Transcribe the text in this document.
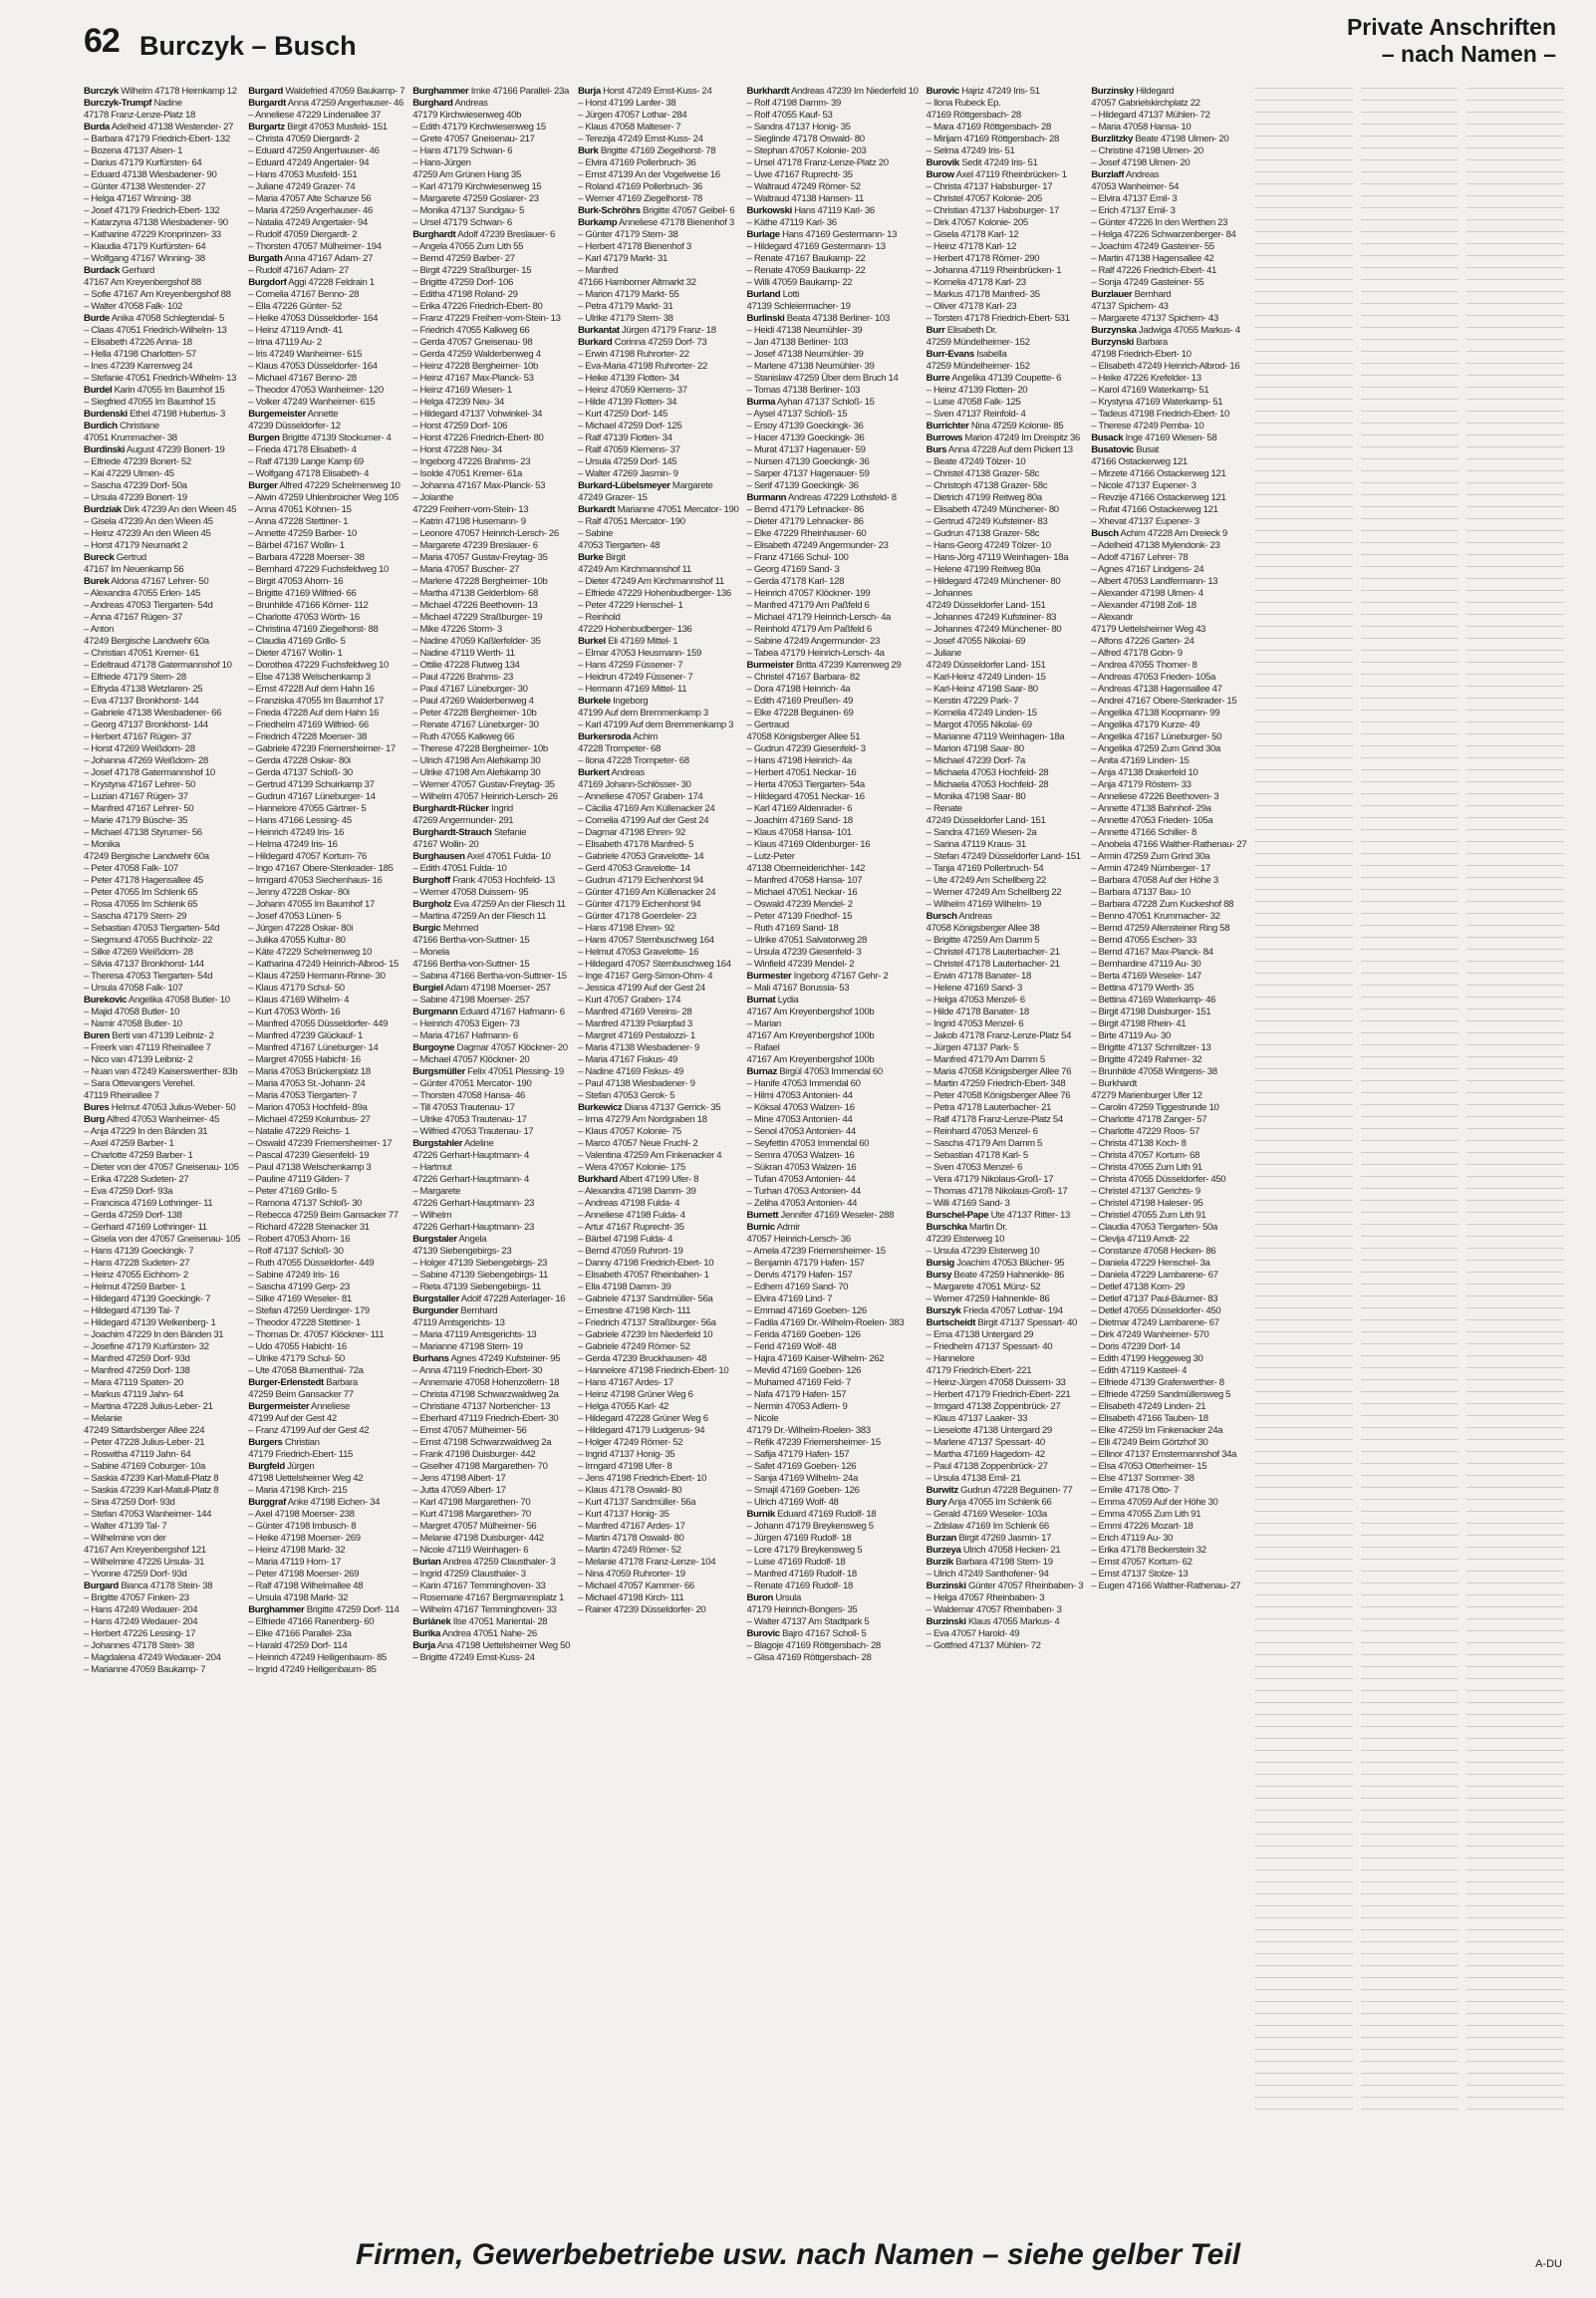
62 Burczyk – Busch
Private Anschriften
– nach Namen –
Burczyk Wilhelm 47178 Heimkamp 12
Burczyk-Trumpf Nadine
47178 Franz-Lenze-Platz 18
Burda Adelheid 47138 Westender- 27
– Barbara 47179 Friedrich-Ebert- 132
– Bozena 47137 Alsen- 1
– Darius 47179 Kurfürsten- 64
– Eduard 47138 Wiesbadener- 90
– Günter 47138 Westender- 27
– Helga 47167 Winning- 38
– Josef 47179 Friedrich-Ebert- 132
– Katarzyna 47138 Wiesbadener- 90
– Katharine 47229 Kronprinzen- 33
– Klaudia 47179 Kurfürsten- 64
– Wolfgang 47167 Winning- 38
Burdack Gerhard
47167 Am Kreyenbergshof 88
– Sofie 47167 Am Kreyenbergshof 88
– Walter 47058 Falk- 102
Burde Anika 47058 Schlegtendal- 5
– Claas 47051 Friedrich-Wilhelm- 13
– Elisabeth 47226 Anna- 18
– Hella 47198 Charlotten- 57
– Ines 47239 Karrenweg 24
– Stefanie 47051 Friedrich-Wilhelm- 13
Burdel Karin 47055 Im Baumhof 15
– Siegfried 47055 Im Baumhof 15
Burdenski Ethel 47198 Hubertus- 3
Burdich Christiane
47051 Krummacher- 38
Burdinski August 47239 Bonert- 19
– Elfriede 47239 Bonert- 52
– Kai 47229 Ulmen- 45
– Sascha 47239 Dorf- 50a
– Ursula 47239 Bonert- 19
Burdziak Dirk 47239 An den Wieen 45
– Gisela 47239 An den Wieen 45
– Heinz 47239 An den Wieen 45
– Horst 47179 Neumarkt 2
Bureck Gertrud
47167 Im Neuenkamp 56
Burek Aldona 47167 Lehrer- 50
– Alexandra 47055 Erlen- 145
– Andreas 47053 Tiergarten- 54d
– Anna 47167 Rügen- 37
– Anton
47249 Bergische Landwehr 60a
– Christian 47051 Kremer- 61
– Edeltraud 47178 Gatermannshof 10
– Elfriede 47179 Stern- 28
– Elfryda 47138 Wetzlaren- 25
– Eva 47137 Bronkhorst- 144
– Gabriele 47138 Wiesbadener- 66
– Georg 47137 Bronkhorst- 144
– Herbert 47167 Rügen- 37
– Horst 47269 Weißdorn- 28
– Johanna 47269 Weißdorn- 28
– Josef 47178 Gatermannshof 10
– Krystyna 47167 Lehrer- 50
– Luzian 47167 Rügen- 37
– Manfred 47167 Lehrer- 50
– Marie 47179 Büsche- 35
– Michael 47138 Styrumer- 56
– Monika
47249 Bergische Landwehr 60a
– Peter 47058 Falk- 107
– Peter 47178 Hagensallee 45
– Peter 47055 Im Schlenk 65
– Rosa 47055 Im Schlenk 65
– Sascha 47179 Stern- 29
– Sebastian 47053 Tiergarten- 54d
– Siegmund 47055 Buchholz- 22
– Silke 47269 Weißdorn- 28
– Silvia 47137 Bronkhorst- 144
– Theresa 47053 Tiergarten- 54d
– Ursula 47058 Falk- 107
Burekovic Angelika 47058 Butler- 10
– Majid 47058 Butler- 10
– Namir 47058 Butler- 10
Buren Berti van 47139 Leibniz- 2
– Freerk van 47119 Rheinallee 7
– Nico van 47139 Leibniz- 2
– Nuan van 47249 Kaiserswerther- 83b
– Sara Ottevangers Verehel.
47119 Rheinallee 7
Bures Helmut 47053 Julius-Weber- 50
Burg Alfred 47053 Wanheimer- 45
– Anja 47229 In den Bänden 31
– Axel 47259 Barber- 1
– Charlotte 47259 Barber- 1
– Dieter von der 47057 Gneisenau- 105
– Erika 47228 Sudeten- 27
– Eva 47259 Dorf- 93a
– Francisca 47169 Lothringer- 11
– Gerda 47259 Dorf- 138
– Gerhard 47169 Lothringer- 11
– Gisela von der 47057 Gneisenau- 105
– Hans 47139 Goeckingk- 7
– Hans 47228 Sudeten- 27
– Heinz 47055 Eichhorn- 2
– Helmut 47259 Barber- 1
– Hildegard 47139 Goeckingk- 7
– Hildegard 47139 Tal- 7
– Hildegard 47139 Welkenberg- 1
– Joachim 47229 In den Bänden 31
– Josefine 47179 Kurfürsten- 32
– Manfred 47259 Dorf- 93d
– Manfred 47259 Dorf- 138
– Mara 47119 Spaten- 20
– Markus 47119 Jahn- 64
– Martina 47228 Julius-Leber- 21
– Melanie
47249 Sittardsberger Allee 224
– Peter 47228 Julius-Leber- 21
– Roswitha 47119 Jahn- 64
– Sabine 47169 Coburger- 10a
– Saskia 47239 Karl-Matull-Platz 8
– Saskia 47239 Karl-Matull-Platz 8
– Sina 47259 Dorf- 93d
– Stefan 47053 Wanheimer- 144
– Walter 47139 Tal- 7
– Wilhelmine von der
47167 Am Kreyenbergshof 121
– Wilhelmine 47226 Ursula- 31
– Yvonne 47259 Dorf- 93d
Burgard Bianca 47178 Stein- 38
– Brigitte 47057 Finken- 23
– Hans 47249 Wedauer- 204
– Hans 47249 Wedauer- 204
– Herbert 47226 Lessing- 17
– Johannes 47178 Stein- 38
– Magdalena 47249 Wedauer- 204
– Marianne 47059 Baukamp- 7
Burgard Waldefried 47059 Baukamp- 7
Burgardt Anna 47259 Angerhauser- 46
– Anneliese 47229 Lindenallee 37
Burgartz Birgit 47053 Musfeld- 151
– Christa 47059 Diergardt- 2
– Eduard 47259 Angerhauser- 46
– Eduard 47249 Angertaler- 94
– Hans 47053 Musfeld- 151
– Juliane 47249 Grazer- 74
– Maria 47057 Alte Schanze 56
– Maria 47259 Angerhauser- 46
– Natalia 47249 Angertaler- 94
– Rudolf 47059 Diergardt- 2
– Thorsten 47057 Mülheimer- 194
Burgath Anna 47167 Adam- 27
– Rudolf 47167 Adam- 27
Burgdorf Aggi 47228 Feldrain 1
– Cornelia 47167 Benno- 28
– Ella 47226 Günter- 52
– Heike 47053 Düsseldorfer- 164
– Heinz 47119 Arndt- 41
– Irina 47119 Au- 2
– Iris 47249 Wanheimer- 615
– Klaus 47053 Düsseldorfer- 164
– Michael 47167 Benno- 28
– Theodor 47053 Wanheimer- 120
– Volker 47249 Wanheimer- 615
Burgemeister Annette
47239 Düsseldorfer- 12
Burgen Brigitte 47139 Stockumer- 4
– Frieda 47178 Elisabeth- 4
– Ralf 47139 Lange Kamp 69
– Wolfgang 47178 Elisabeth- 4
Burger Alfred 47229 Schelmenweg 10
– Alwin 47259 Uhlenbroicher Weg 105
– Anna 47051 Köhnen- 15
– Anna 47228 Stettiner- 1
– Annette 47259 Barber- 10
– Bärbel 47167 Wollin- 1
– Barbara 47228 Moerser- 38
– Bernhard 47229 Fuchsfeldweg 10
– Birgit 47053 Ahorn- 16
– Brigitte 47169 Wilfried- 66
– Brunhilde 47166 Körner- 112
– Charlotte 47053 Wörth- 16
– Christina 47169 Ziegelhorst- 88
– Claudia 47169 Grillo- 5
– Dieter 47167 Wollin- 1
– Dorothea 47229 Fuchsfeldweg 10
– Else 47138 Welschenkamp 3
– Ernst 47228 Auf dem Hahn 16
– Franziska 47055 Im Baumhof 17
– Frieda 47228 Auf dem Hahn 16
– Friedhelm 47169 Wilfried- 66
– Friedrich 47228 Moerser- 38
– Gabriele 47239 Friemersheimer- 17
– Gerda 47228 Oskar- 80i
– Gerda 47137 Schloß- 30
– Gertrud 47139 Schuirkamp 37
– Gudrun 47167 Lüneburger- 14
– Hannelore 47055 Gärtner- 5
– Hans 47166 Lessing- 45
– Heinrich 47249 Iris- 16
– Helma 47249 Iris- 16
– Hildegard 47057 Kortum- 76
– Ingo 47167 Obere-Stenkrader- 185
– Irmgard 47053 Siechenhaus- 16
– Jenny 47228 Oskar- 80i
– Johann 47055 Im Baumhof 17
– Josef 47053 Lünen- 5
– Jürgen 47228 Oskar- 80i
– Julika 47055 Kultur- 80
– Käte 47229 Schelmenweg 10
– Katharina 47249 Heinrich-Albrod- 15
– Klaus 47259 Hermann-Rinne- 30
– Klaus 47179 Schul- 50
– Klaus 47169 Wilhelm- 4
– Kurt 47053 Wörth- 16
– Manfred 47055 Düsseldorfer- 449
– Manfred 47239 Glückauf- 1
– Manfred 47167 Lüneburger- 14
– Margret 47055 Habicht- 16
– Maria 47053 Brückenplatz 18
– Maria 47053 St.-Johann- 24
– Maria 47053 Tiergarten- 7
– Marion 47053 Hochfeld- 89a
– Michael 47259 Kolumbus- 27
– Natalie 47229 Reichs- 1
– Oswald 47239 Friemersheimer- 17
– Pascal 47239 Giesenfeld- 19
– Paul 47138 Welschenkamp 3
– Pauline 47119 Gilden- 7
– Peter 47169 Grillo- 5
– Ramona 47137 Schloß- 30
– Rebecca 47259 Beim Gansacker 77
– Richard 47228 Steinacker 31
– Robert 47053 Ahorn- 16
– Rolf 47137 Schloß- 30
– Ruth 47055 Düsseldorfer- 449
– Sabine 47249 Iris- 16
– Sascha 47199 Gerp- 23
– Silke 47169 Weseler- 81
– Stefan 47259 Uerdinger- 179
– Theodor 47228 Stettiner- 1
– Thomas Dr. 47057 Klöckner- 111
– Udo 47055 Habicht- 16
– Ulrike 47179 Schul- 50
– Ute 47058 Blumenthal- 72a
Burger-Erlenstedt Barbara
47259 Beim Gansacker 77
Burgermeister Anneliese
47199 Auf der Gest 42
– Franz 47199 Auf der Gest 42
Burgers Christian
47179 Friedrich-Ebert- 115
Burgfeld Jürgen
47198 Uettelsheimer Weg 42
– Maria 47198 Kirch- 215
Burggraf Anke 47198 Eichen- 34
– Axel 47198 Moerser- 238
– Günter 47198 Imbusch- 8
– Heike 47198 Moerser- 269
– Heinz 47198 Markt- 32
– Maria 47119 Horn- 17
– Peter 47198 Moerser- 269
– Ralf 47198 Wilhelmallee 48
– Ursula 47198 Markt- 32
Burghammer Brigitte 47259 Dorf- 114
– Elfriede 47166 Ranenberg- 60
– Elke 47166 Parallel- 23a
– Harald 47259 Dorf- 114
– Heinrich 47249 Heiligenbaum- 85
– Ingrid 47249 Heiligenbaum- 85
Burghammer Imke 47166 Parallel- 23a
Burghard Andreas
47179 Kirchwiesenweg 40b
– Edith 47179 Kirchwiesenweg 15
– Grete 47057 Gneisenau- 217
– Hans 47179 Schwan- 6
– Hans-Jürgen
47259 Am Grünen Hang 35
– Karl 47179 Kirchwiesenweg 15
– Margarete 47259 Goslarer- 23
– Monika 47137 Sundgau- 5
– Ursel 47179 Schwan- 6
Burghardt Adolf 47239 Breslauer- 6
– Angela 47055 Zum Lith 55
– Bernd 47259 Barber- 27
– Birgit 47229 Straßburger- 15
– Brigitte 47259 Dorf- 106
– Editha 47198 Roland- 29
– Erika 47226 Friedrich-Ebert- 80
– Franz 47229 Freiherr-vom-Stein- 13
– Friedrich 47055 Kalkweg 66
– Gerda 47057 Gneisenau- 98
– Gerda 47259 Walderbenweg 4
– Heinz 47228 Bergheimer- 10b
– Heinz 47167 Max-Planck- 53
– Heinz 47169 Wiesen- 1
– Helga 47239 Neu- 34
– Hildegard 47137 Vohwinkel- 34
– Horst 47259 Dorf- 106
– Horst 47226 Friedrich-Ebert- 80
– Horst 47228 Neu- 34
– Ingeborg 47226 Brahms- 23
– Isolde 47051 Kremer- 61a
– Johanna 47167 Max-Planck- 53
– Jolanthe
47229 Freiherr-vom-Stein- 13
– Katrin 47198 Husemann- 9
– Leonore 47057 Heinrich-Lersch- 26
– Margarete 47239 Breslauer- 6
– Maria 47057 Gustav-Freytag- 35
– Maria 47057 Buscher- 27
– Marlene 47228 Bergheimer- 10b
– Martha 47138 Gelderblom- 68
– Michael 47226 Beethoven- 13
– Michael 47229 Straßburger- 19
– Mike 47226 Storm- 3
– Nadine 47059 Kaßlerfelder- 35
– Nadine 47119 Werth- 11
– Ottilie 47228 Flutweg 134
– Paul 47226 Brahms- 23
– Paul 47167 Lüneburger- 30
– Paul 47269 Walderbenweg 4
– Peter 47228 Bergheimer- 10b
– Renate 47167 Lüneburger- 30
– Ruth 47055 Kalkweg 66
– Therese 47228 Bergheimer- 10b
– Ulrich 47198 Am Alefskamp 30
– Ulrike 47198 Am Alefskamp 30
– Werner 47057 Gustav-Freytag- 35
– Wilhelm 47057 Heinrich-Lersch- 26
Burghardt-Rücker Ingrid
47269 Angermunder- 291
Burghardt-Strauch Stefanie
47167 Wollin- 20
Burghausen Axel 47051 Fulda- 10
– Edith 47051 Fulda- 10
Burghoff Frank 47053 Hochfeld- 13
– Werner 47058 Duissern- 95
Burgholz Eva 47259 An der Fliesch 11
– Martina 47259 An der Fliesch 11
Burgic Mehmed
47166 Bertha-von-Suttner- 15
– Monela
47166 Bertha-von-Suttner- 15
– Sabina 47166 Bertha-von-Suttner- 15
Burgiel Adam 47198 Moerser- 257
– Sabine 47198 Moerser- 257
Burgmann Eduard 47167 Hafmann- 6
– Heinrich 47053 Eigen- 73
– Maria 47167 Hafmann- 6
Burgoyne Dagmar 47057 Klöckner- 20
– Michael 47057 Klöckner- 20
Burgsmüller Felix 47051 Plessing- 19
– Günter 47051 Mercator- 190
– Thorsten 47058 Hansa- 46
– Till 47053 Trautenau- 17
– Ulrike 47053 Trautenau- 17
– Wilfried 47053 Trautenau- 17
Burgstahler Adeline
47226 Gerhart-Hauptmann- 4
– Hartmut
47226 Gerhart-Hauptmann- 4
– Margarete
47226 Gerhart-Hauptmann- 23
– Wilhelm
47226 Gerhart-Hauptmann- 23
Burgstaler Angela
47139 Siebengebirgs- 23
– Holger 47139 Siebengebirgs- 23
– Sabine 47139 Siebengebirgs- 11
– Rieta 47139 Siebengebirgs- 11
Burgstaller Adolf 47228 Asterlager- 16
Burgunder Bernhard
47119 Amtsgerichts- 13
– Maria 47119 Amtsgerichts- 13
– Marianne 47198 Stern- 19
Burhans Agnes 47249 Kufsteiner- 95
– Anna 47119 Friedrich-Ebert- 30
– Annemarie 47058 Hohenzollern- 18
– Christa 47198 Schwarzwaldweg 2a
– Christiane 47137 Norbericher- 13
– Eberhard 47119 Friedrich-Ebert- 30
– Ernst 47057 Mülheimer- 56
– Ernst 47198 Schwarzwaldweg 2a
– Frank 47198 Duisburger- 442
– Giselher 47198 Margarethen- 70
– Jens 47198 Albert- 17
– Jutta 47059 Albert- 17
– Karl 47198 Margarethen- 70
– Kurt 47198 Margarethen- 70
– Margret 47057 Mülheimer- 56
– Melanie 47198 Duisburger- 442
– Nicole 47119 Weinhagen- 6
Burian Andrea 47259 Clausthaler- 3
– Ingrid 47259 Clausthaler- 3
– Karin 47167 Temminghoven- 33
– Rosemarie 47167 Bergmannsplatz 1
– Wilhelm 47167 Temminghoven- 33
Buriánek Ilse 47051 Mariental- 28
Burika Andrea 47051 Nahe- 26
Burja Ana 47198 Uettelsheimer Weg 50
– Brigitte 47249 Ernst-Kuss- 24
Burja Horst 47249 Ernst-Kuss- 24
– Horst 47199 Lanfer- 38
– Jürgen 47057 Lothar- 284
– Klaus 47058 Malteser- 7
– Terezija 47249 Ernst-Kuss- 24
Burk Brigitte 47169 Ziegelhorst- 78
– Elvira 47169 Pollerbruch- 36
– Ernst 47139 An der Vogelweise 16
– Roland 47169 Pollerbruch- 36
– Werner 47169 Ziegelhorst- 78
Burk-Schröhrs Brigitte 47057 Geibel- 6
Burkamp Anneliese 47178 Bienenhof 3
– Günter 47179 Stern- 38
– Herbert 47178 Bienenhof 3
– Karl 47179 Markt- 31
– Manfred
47166 Hamborner Altmarkt 32
– Marion 47179 Markt- 55
– Petra 47179 Markt- 31
– Ulrike 47179 Stern- 38
Burkantat Jürgen 47179 Franz- 18
Burkard Corinna 47259 Dorf- 73
– Erwin 47198 Ruhrorter- 22
– Eva-Maria 47198 Ruhrorter- 22
– Heike 47139 Flotten- 34
– Heinz 47059 Klemens- 37
– Hilde 47139 Flotten- 34
– Kurt 47259 Dorf- 145
– Michael 47259 Dorf- 125
– Ralf 47139 Flotten- 34
– Ralf 47059 Klemens- 37
– Ursula 47259 Dorf- 145
– Walter 47269 Jasmin- 9
Burkard-Lübelsmeyer Margarete
47249 Grazer- 15
Burkardt Marianne 47051 Mercator- 190
– Ralf 47051 Mercator- 190
– Sabine
47053 Tiergarten- 48
Burke Birgit
47249 Am Kirchmannshof 11
– Dieter 47249 Am Kirchmannshof 11
– Elfriede 47229 Hohenbudberger- 136
– Peter 47229 Henschel- 1
– Reinhold
47229 Hohenbudberger- 136
Burkel Eli 47169 Mittel- 1
– Elmar 47053 Heusmann- 159
– Hans 47259 Füssener- 7
– Heidrun 47249 Füssener- 7
– Hermann 47169 Mittel- 11
Burkele Ingeborg
47199 Auf dem Bremmenkamp 3
– Karl 47199 Auf dem Bremmenkamp 3
Burkersroda Achim
47228 Trompeter- 68
– Ilona 47228 Trompeter- 68
Burkert Andreas
47169 Johann-Schlösser- 30
– Anneliese 47057 Graben- 174
– Cäcilia 47169 Am Küllenacker 24
– Cornelia 47199 Auf der Gest 24
– Dagmar 47198 Ehren- 92
– Elisabeth 47178 Manfred- 5
– Gabriele 47053 Gravelotte- 14
– Gerd 47053 Gravelotte- 14
– Gudrun 47179 Eichenhorst 94
– Günter 47169 Am Küllenacker 24
– Günter 47179 Eichenhorst 94
– Günter 47178 Goerdeler- 23
– Hans 47198 Ehren- 92
– Hans 47057 Sternbuschweg 164
– Helmut 47053 Gravelotte- 16
– Hildegard 47057 Sternbuschweg 164
– Inge 47167 Gerg-Simon-Ohm- 4
– Jessica 47199 Auf der Gest 24
– Kurt 47057 Graben- 174
– Manfred 47169 Vereins- 28
– Manfred 47139 Polarpfad 3
– Margret 47169 Pestalozzi- 1
– Maria 47138 Wiesbadener- 9
– Maria 47167 Fiskus- 49
– Nadine 47169 Fiskus- 49
– Paul 47138 Wiesbadener- 9
– Stefan 47053 Gerok- 5
Burkewicz Diana 47137 Gerrick- 35
– Irma 47279 Am Nordgraben 18
– Klaus 47057 Kolonie- 75
– Marco 47057 Neue Fruchl- 2
– Valentina 47259 Am Finkenacker 4
– Wera 47057 Kolonie- 175
Burkhard Albert 47199 Ufer- 8
– Alexandra 47198 Damm- 39
– Andreas 47198 Fulda- 4
– Anneliese 47198 Fulda- 4
– Artur 47167 Ruprecht- 35
– Bärbel 47198 Fulda- 4
– Bernd 47059 Ruhrort- 19
– Danny 47198 Friedrich-Ebert- 10
– Elisabeth 47057 Rheinbahen- 1
– Ella 47198 Damm- 39
– Gabriele 47137 Sandmüller- 56a
– Ernestine 47198 Kirch- 111
– Friedrich 47137 Straßburger- 56a
– Gabriele 47239 Im Niederfeld 10
– Gabriele 47249 Römer- 52
– Gerda 47239 Bruckhausen- 48
– Hannelore 47198 Friedrich-Ebert- 10
– Hans 47167 Ardes- 17
– Heinz 47198 Grüner Weg 6
– Helga 47055 Karl- 42
– Hildegard 47228 Grüner Weg 6
– Hildegard 47179 Ludgerus- 94
– Holger 47249 Römer- 52
– Ingrid 47137 Honig- 35
– Irmgard 47198 Ufer- 8
– Jens 47198 Friedrich-Ebert- 10
– Klaus 47178 Oswald- 80
– Kurt 47137 Sandmüller- 56a
– Kurt 47137 Honig- 35
– Manfred 47167 Ardes- 17
– Martin 47178 Oswald- 80
– Martin 47249 Römer- 52
– Melanie 47178 Franz-Lenze- 104
– Nina 47059 Ruhrorter- 19
– Michael 47057 Kammer- 66
– Michael 47198 Kirch- 111
– Rainer 47239 Düsseldorfer- 20
Burkhardt Andreas 47239 Im Niederfeld 10
– Rolf 47198 Damm- 39
– Rolf 47055 Kauf- 53
– Sandra 47137 Honig- 35
– Sieglinde 47178 Oswald- 80
– Stephan 47057 Kolonie- 203
– Ursel 47178 Franz-Lenze-Platz 20
– Uwe 47167 Ruprecht- 35
– Waltraud 47249 Römer- 52
– Waltraud 47138 Hansen- 11
Burkowski Hans 47119 Karl- 36
– Käthe 47119 Karl- 36
Burlage Hans 47169 Gestermann- 13
– Hildegard 47169 Gestermann- 13
– Renate 47167 Baukamp- 22
– Renate 47059 Baukamp- 22
– Willi 47059 Baukamp- 22
Burland Lotti
47139 Schleiermacher- 19
Burlinski Beata 47138 Berliner- 103
– Heidi 47138 Neumühler- 39
– Jan 47138 Berliner- 103
– Josef 47138 Neumühler- 39
– Marlene 47138 Neumühler- 39
– Stanislaw 47259 Über dem Bruch 14
– Tomas 47138 Berliner- 103
Burma Ayhan 47137 Schloß- 15
– Aysel 47137 Schloß- 15
– Ersoy 47139 Goeckingk- 36
– Hacer 47139 Goeckingk- 36
– Murat 47137 Hagenauer- 59
– Nursen 47139 Goeckingk- 36
– Sarper 47137 Hagenauer- 59
– Serif 47139 Goeckingk- 36
Burmann Andreas 47229 Lothsfeld- 8
– Bernd 47179 Lehnacker- 86
– Dieter 47179 Lehnacker- 86
– Elke 47229 Rheinhauser- 60
– Elisabeth 47249 Angermunder- 23
– Franz 47166 Schul- 100
– Georg 47169 Sand- 3
– Gerda 47178 Karl- 128
– Heinrich 47057 Klöckner- 199
– Manfred 47179 Am Paßfeld 6
– Michael 47179 Heinrich-Lersch- 4a
– Reinhold 47179 Am Paßfeld 6
– Sabine 47249 Angermunder- 23
– Tabea 47179 Heinrich-Lersch- 4a
Burmeister Britta 47239 Karrenweg 29
– Christel 47167 Barbara- 82
– Dora 47198 Heinrich- 4a
– Edith 47169 Preußen- 49
– Elke 47228 Beguinen- 69
– Gertraud
47058 Königsberger Allee 51
– Gudrun 47239 Giesenfeld- 3
– Hans 47198 Heinrich- 4a
– Herbert 47051 Neckar- 16
– Herta 47053 Tiergarten- 54a
– Hildegard 47051 Neckar- 16
– Karl 47169 Aldenrader- 6
– Joachim 47169 Sand- 18
– Klaus 47058 Hansa- 101
– Klaus 47169 Oldenburger- 16
– Lutz-Peter
47138 Obermeiderichher- 142
– Manfred 47058 Hansa- 107
– Michael 47051 Neckar- 16
– Oswald 47239 Mendel- 2
– Peter 47139 Friedhof- 15
– Ruth 47169 Sand- 18
– Ulrike 47051 Salvatorweg 28
– Ursula 47239 Giesenfeld- 3
– Winfield 47239 Mendel- 2
Burmester Ingeborg 47167 Gehr- 2
– Mali 47167 Borussia- 53
Burnat Lydia
47167 Am Kreyenbergshof 100b
– Marian
47167 Am Kreyenbergshof 100b
– Rafael
47167 Am Kreyenbergshof 100b
Burnaz Birgül 47053 Immendal 60
– Hanife 47053 Immendal 60
– Hilmi 47053 Antonien- 44
– Köksal 47053 Walzen- 16
– Mine 47053 Antonien- 44
– Senol 47053 Antonien- 44
– Seyfettin 47053 Immendal 60
– Semra 47053 Walzen- 16
– Sükran 47053 Walzen- 16
– Tufan 47053 Antonien- 44
– Turhan 47053 Antonien- 44
– Zeliha 47053 Antonien- 44
Burnett Jennifer 47169 Weseler- 288
Burnic Admir
47057 Heinrich-Lersch- 36
– Amela 47239 Friemersheimer- 15
– Benjamin 47179 Hafen- 157
– Dervis 47179 Hafen- 157
– Edhem 47169 Sand- 70
– Elvira 47169 Lind- 7
– Emmad 47169 Goeben- 126
– Fadila 47169 Dr.-Wilhelm-Roelen- 383
– Ferida 47169 Goeben- 126
– Ferid 47169 Wolf- 48
– Hajra 47169 Kaiser-Wilhelm- 262
– Mevlid 47169 Goeben- 126
– Muhamed 47169 Feld- 7
– Nafa 47179 Hafen- 157
– Nermin 47053 Adlern- 9
– Nicole
47179 Dr.-Wilhelm-Roelen- 383
– Refik 47239 Friemersheimer- 15
– Safija 47179 Hafen- 157
– Safet 47169 Goeben- 126
– Sanja 47169 Wilhelm- 24a
– Smajil 47169 Goeben- 126
– Ulrich 47169 Wolf- 48
Burnik Eduard 47169 Rudolf- 18
– Johann 47179 Breykensweg 5
– Jürgen 47169 Rudolf- 18
– Lore 47179 Breykensweg 5
– Luise 47169 Rudolf- 18
– Manfred 47169 Rudolf- 18
– Renate 47169 Rudolf- 18
Buron Ursula
47179 Heinrich-Bongers- 35
– Walter 47137 Am Stadtpark 5
Burovic Bajro 47167 Scholl- 5
– Blagoje 47169 Röttgersbach- 28
– Glisa 47169 Röttgersbach- 28
Burovic Hajriz 47249 Iris- 51
– Ilona Rubeck Ep.
47169 Röttgersbach- 28
– Mara 47169 Röttgersbach- 28
– Mirijam 47169 Röttgersbach- 28
– Selma 47249 Iris- 51
Burovik Sedit 47249 Iris- 51
Burow Axel 47119 Rheinbrücken- 1
– Christa 47137 Habsburger- 17
– Christel 47057 Kolonie- 205
– Christian 47137 Habsburger- 17
– Dirk 47057 Kolonie- 205
– Gisela 47178 Karl- 12
– Heinz 47178 Karl- 12
– Herbert 47178 Römer- 290
– Johanna 47119 Rheinbrücken- 1
– Kornelia 47178 Karl- 23
– Markus 47178 Manfred- 35
– Oliver 47178 Karl- 23
– Torsten 47178 Friedrich-Ebert- 531
Burr Elisabeth Dr.
47259 Mündelheimer- 152
Burr-Evans Isabella
47259 Mündelheimer- 152
Burre Angelika 47139 Coupette- 6
– Heinz 47139 Flotten- 20
– Luise 47058 Falk- 125
– Sven 47137 Reinfold- 4
Burrichter Nina 47259 Kolonie- 85
Burrows Marion 47249 Im Dreispitz 36
Burs Anna 47228 Auf dem Pickert 13
– Beate 47249 Tölzer- 10
– Christel 47138 Grazer- 58c
– Christoph 47138 Grazer- 58c
– Dietrich 47199 Reitweg 80a
– Elisabeth 47249 Münchener- 80
– Gertrud 47249 Kufsteiner- 83
– Gudrun 47138 Grazer- 58c
– Hans-Georg 47249 Tölzer- 10
– Hans-Jörg 47119 Weinhagen- 18a
– Helene 47199 Reitweg 80a
– Hildegard 47249 Münchener- 80
– Johannes
47249 Düsseldorfer Land- 151
– Johannes 47249 Kufsteiner- 83
– Johannes 47249 Münchener- 80
– Josef 47055 Nikolai- 69
– Juliane
47249 Düsseldorfer Land- 151
– Karl-Heinz 47249 Linden- 15
– Karl-Heinz 47198 Saar- 80
– Kerstin 47229 Park- 7
– Kornelia 47249 Linden- 15
– Margot 47055 Nikolai- 69
– Marianne 47119 Weinhagen- 18a
– Marion 47198 Saar- 80
– Michael 47239 Dorf- 7a
– Michaela 47053 Hochfeld- 28
– Michaela 47053 Hochfeld- 28
– Monika 47198 Saar- 80
– Renate
47249 Düsseldorfer Land- 151
– Sandra 47169 Wiesen- 2a
– Sarina 47119 Kraus- 31
– Stefan 47249 Düsseldorfer Land- 151
– Tanja 47169 Pollerbruch- 54
– Ute 47249 Am Schellberg 22
– Werner 47249 Am Schellberg 22
– Wilhelm 47169 Wilhelm- 19
Bursch Andreas
47058 Königsberger Allee 38
– Brigitte 47259 Am Damm 5
– Christel 47178 Lauterbacher- 21
– Christel 47178 Lauterbacher- 21
– Erwin 47178 Banater- 18
– Helene 47169 Sand- 3
– Helga 47053 Menzel- 6
– Hilde 47178 Banater- 18
– Ingrid 47053 Menzel- 6
– Jakob 47178 Franz-Lenze-Platz 54
– Jürgen 47137 Park- 5
– Manfred 47179 Am Damm 5
– Maria 47058 Königsberger Allee 76
– Martin 47259 Friedrich-Ebert- 348
– Peter 47058 Königsberger Allee 76
– Petra 47178 Lauterbacher- 21
– Ralf 47178 Franz-Lenze-Platz 54
– Reinhard 47053 Menzel- 6
– Sascha 47179 Am Damm 5
– Sebastian 47178 Karl- 5
– Sven 47053 Menzel- 6
– Vera 47179 Nikolaus-Groß- 17
– Thomas 47178 Nikolaus-Groß- 17
– Willi 47169 Sand- 3
Burschel-Pape Ute 47137 Ritter- 13
Burschka Martin Dr.
47239 Elsterweg 10
– Ursula 47239 Elsterweg 10
Bursig Joachim 47053 Blücher- 95
Bursy Beate 47259 Hahnenkle- 86
– Margarete 47051 Münz- 52
– Werner 47259 Hahnenkle- 86
Burszyk Frieda 47057 Lothar- 194
Burtscheidt Birgit 47137 Spessart- 40
– Erna 47138 Untergard 29
– Friedhelm 47137 Spessart- 40
– Hannelore
47179 Friedrich-Ebert- 221
– Heinz-Jürgen 47058 Duissern- 33
– Herbert 47179 Friedrich-Ebert- 221
– Irmgard 47138 Zoppenbrück- 27
– Klaus 47137 Laaker- 33
– Lieselotte 47138 Untergard 29
– Marlene 47137 Spessart- 40
– Martha 47169 Hagedorn- 42
– Paul 47138 Zoppenbrück- 27
– Ursula 47138 Emil- 21
Burwitz Gudrun 47228 Beguinen- 77
Bury Anja 47055 Im Schlenk 66
– Gerald 47169 Weseler- 103a
– Zdislaw 47169 Im Schlenk 66
Burzan Birgit 47269 Jasmin- 17
Burzeya Ulrich 47058 Hecken- 21
Burzik Barbara 47198 Stern- 19
– Ulrich 47249 Santhofener- 94
Burzinski Günter 47057 Rheinbaben- 3
– Helga 47057 Rheinbaben- 3
– Waldemar 47057 Rheinbaben- 3
Burzinski Klaus 47055 Markus- 4
– Eva 47057 Harold- 49
– Gottfried 47137 Mühlen- 72
Burzinsky Hildegard
47057 Gabrielskirchplatz 22
– Hildegard 47137 Mühlen- 72
– Maria 47058 Hansa- 10
Burzlitzky Beate 47198 Ulmen- 20
– Christine 47198 Ulmen- 20
– Josef 47198 Ulmen- 20
Burzlaff Andreas
47053 Wanheimer- 54
– Elvira 47137 Emil- 3
– Erich 47137 Emil- 3
– Günter 47226 In den Werthen 23
– Helga 47226 Schwarzenberger- 84
– Joachim 47249 Gasteiner- 55
– Martin 47138 Hagensallee 42
– Ralf 47226 Friedrich-Ebert- 41
– Sonja 47249 Gasteiner- 55
Burzlauer Bernhard
47137 Spichern- 43
– Margarete 47137 Spichern- 43
Burzynska Jadwiga 47055 Markus- 4
Burzynski Barbara
47198 Friedrich-Ebert- 10
– Elisabeth 47249 Heinrich-Albrod- 16
– Heike 47226 Krefelder- 13
– Karol 47169 Waterkamp- 51
– Krystyna 47169 Waterkamp- 51
– Tadeus 47198 Friedrich-Ebert- 10
– Therese 47249 Pemba- 10
Busack Inge 47169 Wiesen- 58
Busatovic Busat
47166 Ostackerweg 121
– Mirzete 47166 Ostackerweg 121
– Nicole 47137 Eupener- 3
– Revzije 47166 Ostackerweg 121
– Rufat 47166 Ostackerweg 121
– Xhevat 47137 Eupener- 3
Busch Achim 47228 Am Dreieck 9
– Adelheid 47138 Mylendonk- 23
– Adolf 47167 Lehrer- 78
– Agnes 47167 Lindgens- 24
– Albert 47053 Landfermann- 13
– Alexander 47198 Ulmen- 4
– Alexander 47198 Zoll- 18
– Alexandr
47179 Uettelsheimer Weg 43
– Alfons 47226 Garten- 24
– Alfred 47178 Gobn- 9
– Andrea 47055 Thorner- 8
– Andreas 47053 Frieden- 105a
– Andreas 47138 Hagensallee 47
– Andrei 47167 Obere-Sterkrader- 15
– Angelika 47138 Koopmann- 99
– Angelika 47179 Kurze- 49
– Angelika 47167 Lüneburger- 50
– Angelika 47259 Zum Grind 30a
– Anita 47169 Linden- 15
– Anja 47138 Drakerfeld 10
– Anja 47179 Röstern- 33
– Anneliese 47226 Beethoven- 3
– Annette 47138 Bahnhof- 29a
– Annette 47053 Frieden- 105a
– Annette 47166 Schiller- 8
– Anobela 47166 Walther-Rathenau- 27
– Armin 47259 Zum Grind 30a
– Armin 47249 Nürnberger- 17
– Barbara 47058 Auf der Höhe 3
– Barbara 47137 Bau- 10
– Barbara 47228 Zum Kuckeshof 88
– Benno 47051 Krummacher- 32
– Bernd 47259 Allensteiner Ring 58
– Bernd 47055 Eschen- 33
– Bernd 47167 Max-Planck- 84
– Bernhardine 47119 Au- 30
– Berta 47169 Weseler- 147
– Bettina 47179 Werth- 35
– Bettina 47169 Waterkamp- 46
– Birgit 47198 Duisburger- 151
– Birgit 47198 Rhein- 41
– Birte 47119 Au- 30
– Brigitte 47137 Schmiltzer- 13
– Brigitte 47249 Rahmer- 32
– Brunhilde 47058 Wintgens- 38
– Burkhardt
47279 Marienburger Ufer 12
– Carolin 47259 Tiggestrunde 10
– Charlotte 47178 Zanger- 57
– Charlotte 47229 Roos- 57
– Christa 47138 Koch- 8
– Christa 47057 Kortum- 68
– Christa 47055 Zum Lith 91
– Christa 47055 Düsseldorfer- 450
– Christel 47137 Gerichts- 9
– Christel 47198 Haleser- 95
– Christiel 47055 Zum Lith 91
– Claudia 47053 Tiergarten- 50a
– Clevija 47119 Arndt- 22
– Constanze 47058 Hecken- 86
– Daniela 47229 Henschel- 3a
– Daniela 47229 Lambarene- 67
– Detlef 47138 Korn- 29
– Detlef 47137 Paul-Bäumer- 83
– Detlef 47055 Düsseldorfer- 450
– Dietmar 47249 Lambarene- 67
– Dirk 47249 Wanheimer- 570
– Doris 47239 Dorf- 14
– Edith 47199 Heggeweg 30
– Edith 47119 Kasteel- 4
– Elfriede 47139 Grafenwerther- 8
– Elfriede 47259 Sandmüllersweg 5
– Elisabeth 47249 Linden- 21
– Elisabeth 47166 Tauben- 18
– Elke 47259 Im Finkenacker 24a
– Elli 47249 Beim Görtzhof 30
– Ellinor 47137 Emstermannshof 34a
– Elsa 47053 Otterheimer- 15
– Else 47137 Sommer- 38
– Emilie 47178 Otto- 7
– Emma 47059 Auf der Höhe 30
– Emma 47055 Zum Lith 91
– Emmi 47226 Mozart- 18
– Erich 47119 Au- 30
– Erika 47178 Beckerstein 32
– Ernst 47057 Kortum- 62
– Ernst 47137 Stolze- 13
– Eugen 47166 Walther-Rathenau- 27
Firmen, Gewerbebetriebe usw. nach Namen – siehe gelber Teil	A-DU
